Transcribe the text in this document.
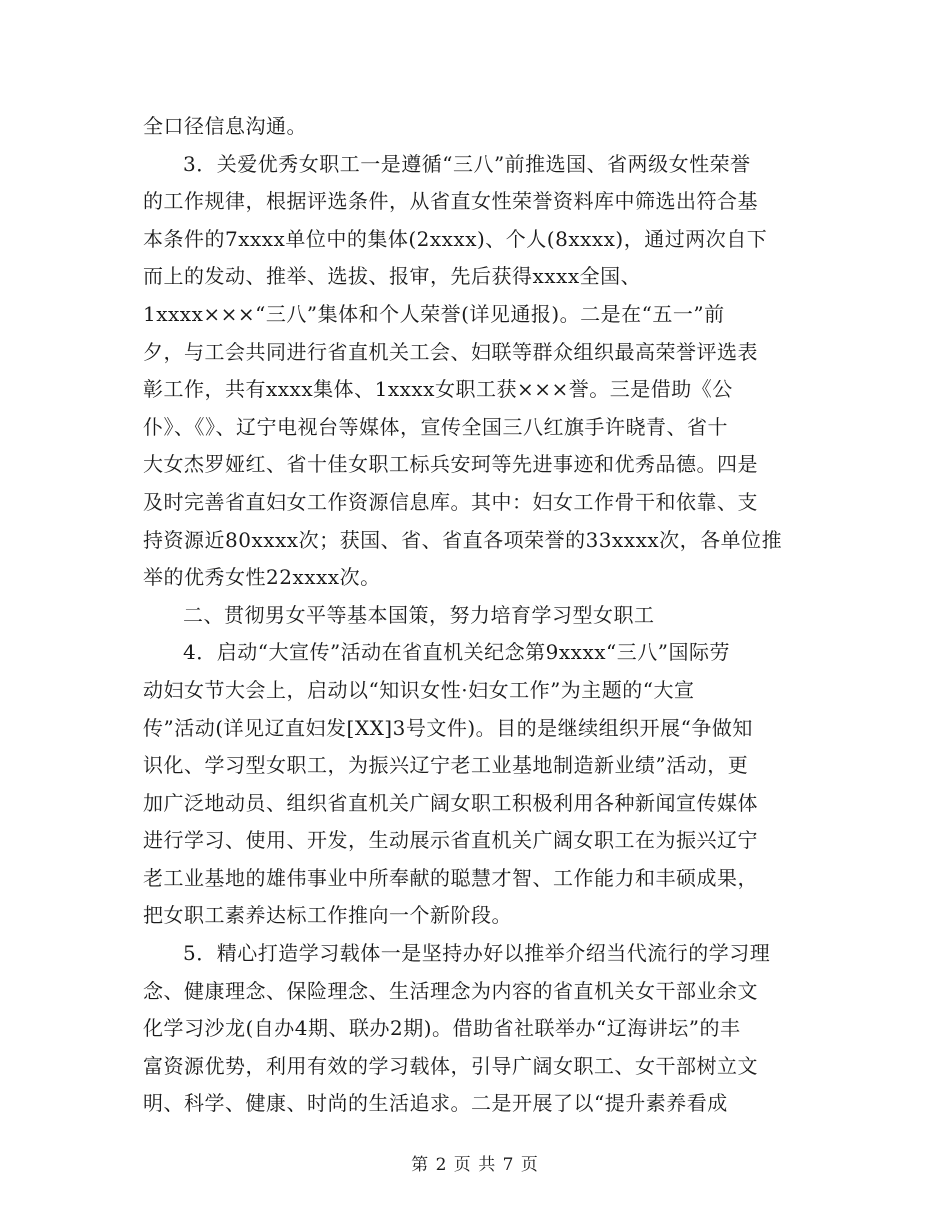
全口径信息沟通。
3．关爱优秀女职工一是遵循“三八”前推选国、省两级女性荣誉
的工作规律，根据评选条件，从省直女性荣誉资料库中筛选出符合基
本条件的7xxxx单位中的集体(2xxxx)、个人(8xxxx)，通过两次自下
而上的发动、推举、选拔、报审，先后获得xxxx全国、
1xxxx×××“三八”集体和个人荣誉(详见通报)。二是在“五一”前
夕，与工会共同进行省直机关工会、妇联等群众组织最高荣誉评选表
彰工作，共有xxxx集体、1xxxx女职工获×××誉。三是借助《公
仆》、《》、辽宁电视台等媒体，宣传全国三八红旗手许晓青、省十
大女杰罗娅红、省十佳女职工标兵安珂等先进事迹和优秀品德。四是
及时完善省直妇女工作资源信息库。其中：妇女工作骨干和依靠、支
持资源近80xxxx次；获国、省、省直各项荣誉的33xxxx次，各单位推
举的优秀女性22xxxx次。
二、贯彻男女平等基本国策，努力培育学习型女职工
4．启动“大宣传”活动在省直机关纪念第9xxxx“三八”国际劳
动妇女节大会上，启动以“知识女性·妇女工作”为主题的“大宣
传”活动(详见辽直妇发[XX]3号文件)。目的是继续组织开展“争做知
识化、学习型女职工，为振兴辽宁老工业基地制造新业绩”活动，更
加广泛地动员、组织省直机关广阔女职工积极利用各种新闻宣传媒体
进行学习、使用、开发，生动展示省直机关广阔女职工在为振兴辽宁
老工业基地的雄伟事业中所奉献的聪慧才智、工作能力和丰硕成果，
把女职工素养达标工作推向一个新阶段。
5．精心打造学习载体一是坚持办好以推举介绍当代流行的学习理
念、健康理念、保险理念、生活理念为内容的省直机关女干部业余文
化学习沙龙(自办4期、联办2期)。借助省社联举办“辽海讲坛”的丰
富资源优势，利用有效的学习载体，引导广阔女职工、女干部树立文
明、科学、健康、时尚的生活追求。二是开展了以“提升素养看成
第 2 页 共 7 页
